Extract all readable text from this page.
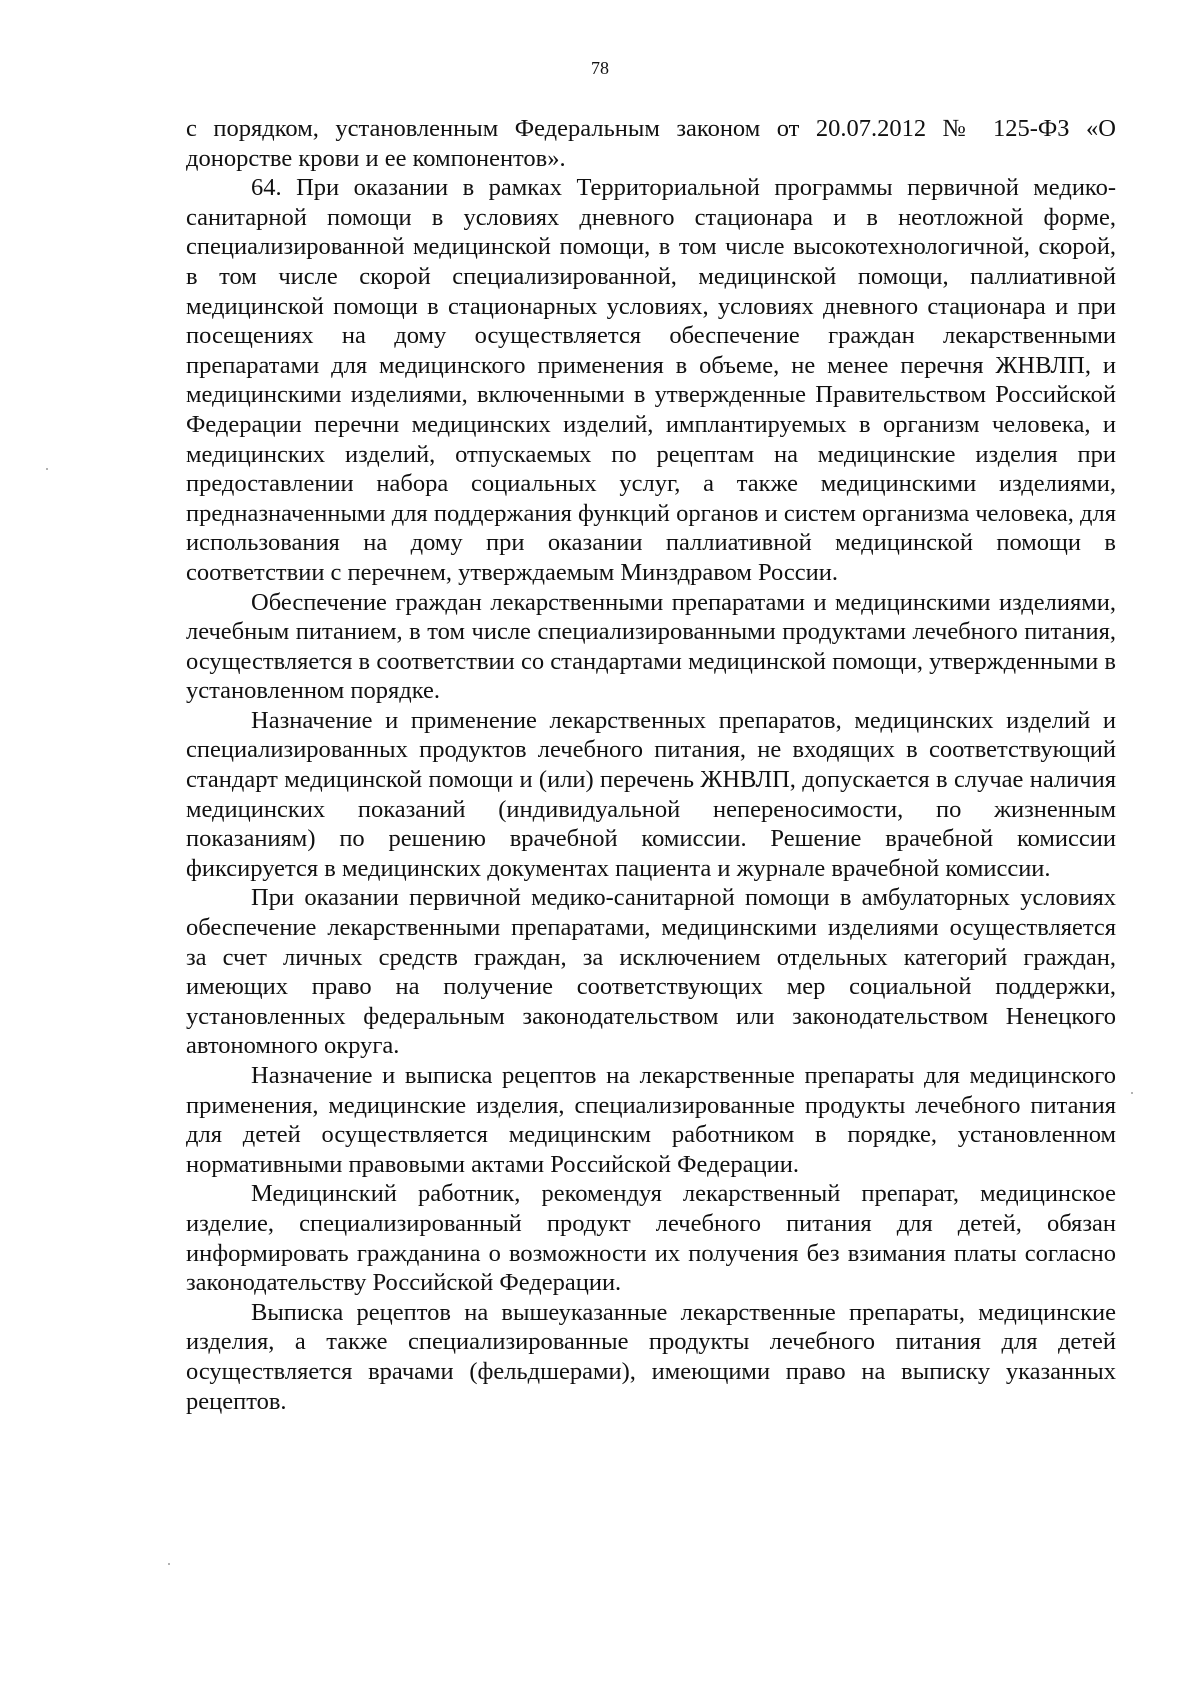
78

с порядком, установленным Федеральным законом от 20.07.2012 № 125-ФЗ «О донорстве крови и ее компонентов».

64. При оказании в рамках Территориальной программы первичной медико-санитарной помощи в условиях дневного стационара и в неотложной форме, специализированной медицинской помощи, в том числе высокотехнологичной, скорой, в том числе скорой специализированной, медицинской помощи, паллиативной медицинской помощи в стационарных условиях, условиях дневного стационара и при посещениях на дому осуществляется обеспечение граждан лекарственными препаратами для медицинского применения в объеме, не менее перечня ЖНВЛП, и медицинскими изделиями, включенными в утвержденные Правительством Российской Федерации перечни медицинских изделий, имплантируемых в организм человека, и медицинских изделий, отпускаемых по рецептам на медицинские изделия при предоставлении набора социальных услуг, а также медицинскими изделиями, предназначенными для поддержания функций органов и систем организма человека, для использования на дому при оказании паллиативной медицинской помощи в соответствии с перечнем, утверждаемым Минздравом России.

Обеспечение граждан лекарственными препаратами и медицинскими изделиями, лечебным питанием, в том числе специализированными продуктами лечебного питания, осуществляется в соответствии со стандартами медицинской помощи, утвержденными в установленном порядке.

Назначение и применение лекарственных препаратов, медицинских изделий и специализированных продуктов лечебного питания, не входящих в соответствующий стандарт медицинской помощи и (или) перечень ЖНВЛП, допускается в случае наличия медицинских показаний (индивидуальной непереносимости, по жизненным показаниям) по решению врачебной комиссии. Решение врачебной комиссии фиксируется в медицинских документах пациента и журнале врачебной комиссии.

При оказании первичной медико-санитарной помощи в амбулаторных условиях обеспечение лекарственными препаратами, медицинскими изделиями осуществляется за счет личных средств граждан, за исключением отдельных категорий граждан, имеющих право на получение соответствующих мер социальной поддержки, установленных федеральным законодательством или законодательством Ненецкого автономного округа.

Назначение и выписка рецептов на лекарственные препараты для медицинского применения, медицинские изделия, специализированные продукты лечебного питания для детей осуществляется медицинским работником в порядке, установленном нормативными правовыми актами Российской Федерации.

Медицинский работник, рекомендуя лекарственный препарат, медицинское изделие, специализированный продукт лечебного питания для детей, обязан информировать гражданина о возможности их получения без взимания платы согласно законодательству Российской Федерации.

Выписка рецептов на вышеуказанные лекарственные препараты, медицинские изделия, а также специализированные продукты лечебного питания для детей осуществляется врачами (фельдшерами), имеющими право на выписку указанных рецептов.
